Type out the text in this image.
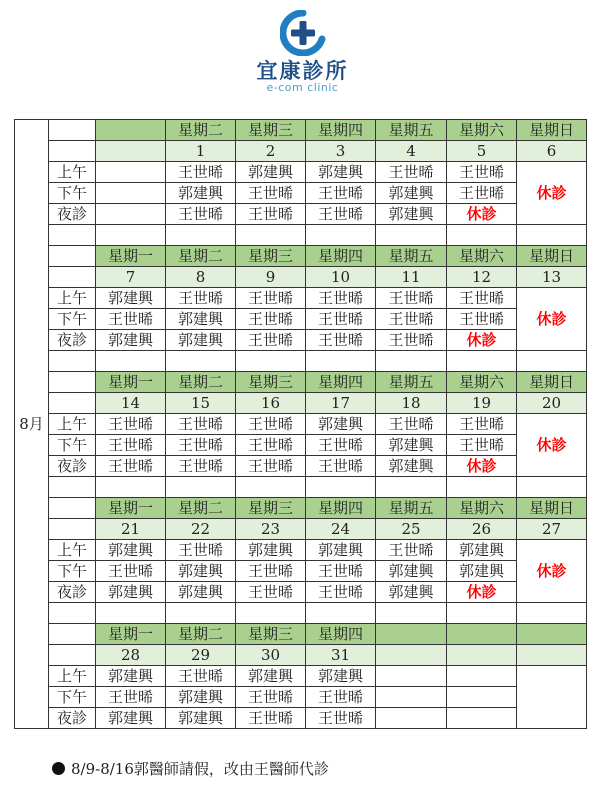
宜康診所
e-com clinic
8月			星期二	星期三	星期四	星期五	星期六	星期日
			1	2	3	4	5	6
	上午		王世晞	郭建興	郭建興	王世晞	王世晞	休診
	下午		郭建興	王世晞	王世晞	郭建興	王世晞	
	夜診		王世晞	王世晞	王世晞	郭建興	休診	

		星期一	星期二	星期三	星期四	星期五	星期六	星期日
		7	8	9	10	11	12	13
	上午	郭建興	王世晞	王世晞	王世晞	王世晞	王世晞	休診
	下午	王世晞	郭建興	王世晞	王世晞	王世晞	王世晞	
	夜診	郭建興	郭建興	王世晞	王世晞	王世晞	休診	

		星期一	星期二	星期三	星期四	星期五	星期六	星期日
		14	15	16	17	18	19	20
	上午	王世晞	王世晞	王世晞	郭建興	王世晞	王世晞	休診
	下午	王世晞	王世晞	王世晞	王世晞	郭建興	王世晞	
	夜診	王世晞	王世晞	王世晞	王世晞	郭建興	休診	

		星期一	星期二	星期三	星期四	星期五	星期六	星期日
		21	22	23	24	25	26	27
	上午	郭建興	王世晞	郭建興	郭建興	王世晞	郭建興	休診
	下午	王世晞	郭建興	王世晞	王世晞	郭建興	郭建興	
	夜診	郭建興	郭建興	王世晞	王世晞	郭建興	休診	

		星期一	星期二	星期三	星期四			
		28	29	30	31			
	上午	郭建興	王世晞	郭建興	郭建興			
	下午	王世晞	郭建興	王世晞	王世晞			
	夜診	郭建興	郭建興	王世晞	王世晞			
8/9-8/16郭醫師請假，改由王醫師代診
